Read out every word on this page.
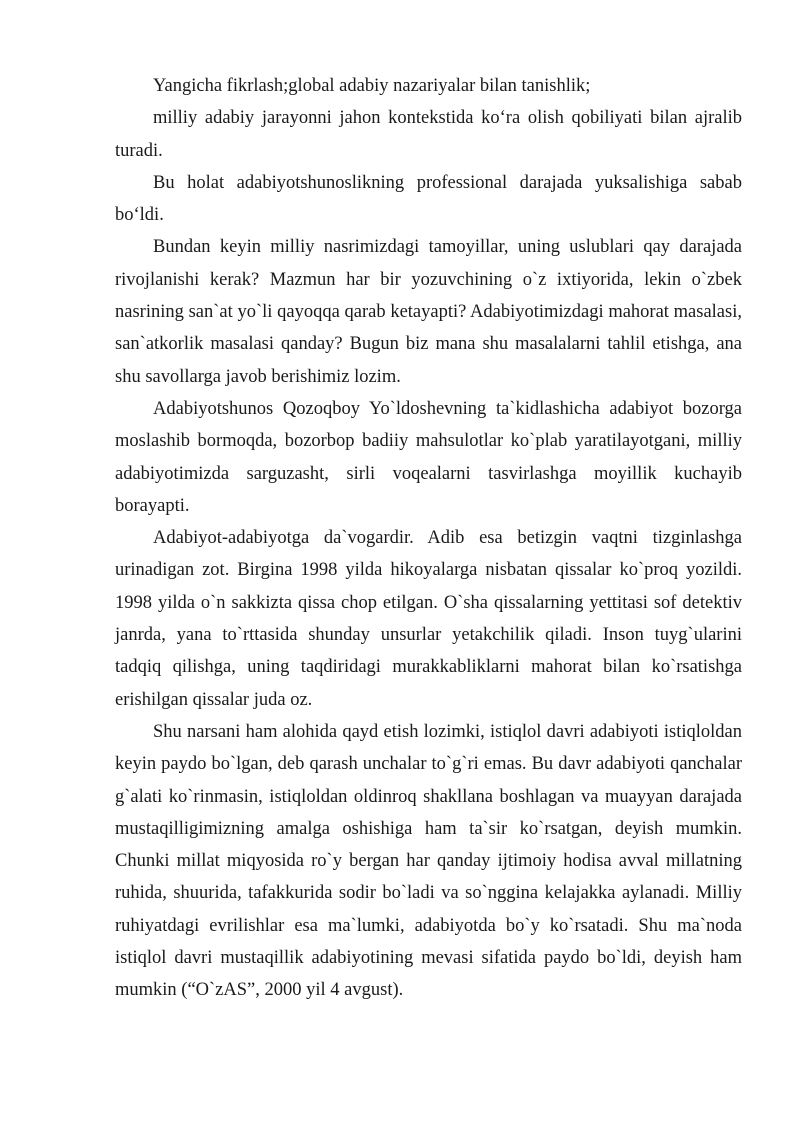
Yangicha fikrlash;global adabiy nazariyalar bilan tanishlik;

milliy adabiy jarayonni jahon kontekstida ko‘ra olish qobiliyati bilan ajralib turadi.

Bu holat adabiyotshunoslikning professional darajada yuksalishiga sabab bo‘ldi.

Bundan keyin milliy nasrimizdagi tamoyillar, uning uslublari qay darajada rivojlanishi kerak? Mazmun har bir yozuvchining o`z ixtiyorida, lekin o`zbek nasrining san`at yo`li qayoqqa qarab ketayapti? Adabiyotimizdagi mahorat masalasi, san`atkorlik masalasi qanday? Bugun biz mana shu masalalarni tahlil etishga, ana shu savollarga javob berishimiz lozim.

Adabiyotshunos Qozoqboy Yo`ldoshevning ta`kidlashicha adabiyot bozorga moslashib bormoqda, bozorbop badiiy mahsulotlar ko`plab yaratilayotgani, milliy adabiyotimizda sarguzasht, sirli voqealarni tasvirlashga moyillik kuchayib borayapti.

Adabiyot-adabiyotga da`vogardir. Adib esa betizgin vaqtni tizginlashga urinadigan zot. Birgina 1998 yilda hikoyalarga nisbatan qissalar ko`proq yozildi. 1998 yilda o`n sakkizta qissa chop etilgan. O`sha qissalarning yettitasi sof detektiv janrda, yana to`rttasida shunday unsurlar yetakchilik qiladi. Inson tuyg`ularini tadqiq qilishga, uning taqdiridagi murakkabliklarni mahorat bilan ko`rsatishga erishilgan qissalar juda oz.

Shu narsani ham alohida qayd etish lozimki, istiqlol davri adabiyoti istiqloldan keyin paydo bo`lgan, deb qarash unchalar to`g`ri emas. Bu davr adabiyoti qanchalar g`alati ko`rinmasin, istiqloldan oldinroq shakllana boshlagan va muayyan darajada mustaqilligimizning amalga oshishiga ham ta`sir ko`rsatgan, deyish mumkin. Chunki millat miqyosida ro`y bergan har qanday ijtimoiy hodisa avval millatning ruhida, shuurida, tafakkurida sodir bo`ladi va so`nggina kelajakka aylanadi. Milliy ruhiyatdagi evrilishlar esa ma`lumki, adabiyotda bo`y ko`rsatadi. Shu ma`noda istiqlol davri mustaqillik adabiyotining mevasi sifatida paydo bo`ldi, deyish ham mumkin (“O`zAS”, 2000 yil 4 avgust).
